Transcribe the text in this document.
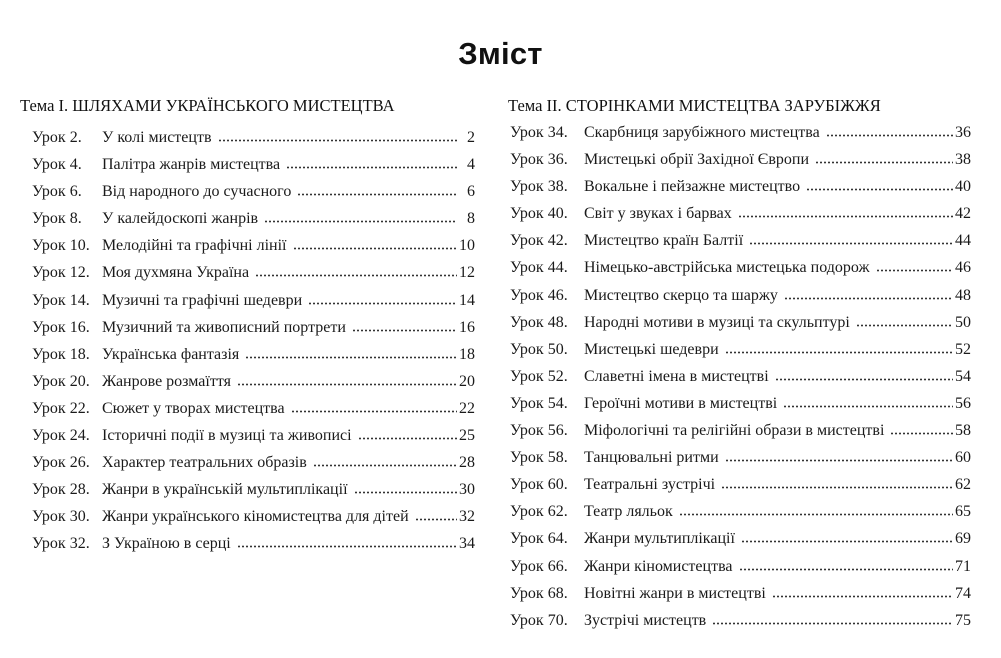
Зміст
Тема I. ШЛЯХАМИ УКРАЇНСЬКОГО МИСТЕЦТВА
Урок 2.	У колі мистецтв	2
Урок 4.	Палітра жанрів мистецтва	4
Урок 6.	Від народного до сучасного	6
Урок 8.	У калейдоскопі жанрів	8
Урок 10. Мелодійні та графічні лінії	10
Урок 12. Моя духмяна Україна	12
Урок 14. Музичні та графічні шедеври	14
Урок 16. Музичний та живописний портрети	16
Урок 18. Українська фантазія	18
Урок 20. Жанрове розмаїття	20
Урок 22. Сюжет у творах мистецтва	22
Урок 24. Історичні події в музиці та живописі	25
Урок 26. Характер театральних образів	28
Урок 28. Жанри в українській мультиплікації	30
Урок 30. Жанри українського кіномистецтва для дітей	32
Урок 32. З Україною в серці	34
Тема II. СТОРІНКАМИ МИСТЕЦТВА ЗАРУБІЖЖЯ
Урок 34.	Скарбниця зарубіжного мистецтва	36
Урок 36.	Мистецькі обрії Західної Європи	38
Урок 38.	Вокальне і пейзажне мистецтво	40
Урок 40.	Світ у звуках і барвах	42
Урок 42.	Мистецтво країн Балтії	44
Урок 44.	Німецько-австрійська мистецька подорож	46
Урок 46.	Мистецтво скерцо та шаржу	48
Урок 48.	Народні мотиви в музиці та скульптурі	50
Урок 50.	Мистецькі шедеври	52
Урок 52.	Славетні імена в мистецтві	54
Урок 54.	Героїчні мотиви в мистецтві	56
Урок 56.	Міфологічні та релігійні образи в мистецтві	58
Урок 58.	Танцювальні ритми	60
Урок 60.	Театральні зустрічі	62
Урок 62.	Театр ляльок	65
Урок 64.	Жанри мультиплікації	69
Урок 66.	Жанри кіномистецтва	71
Урок 68.	Новітні жанри в мистецтві	74
Урок 70.	Зустрічі мистецтв	75
